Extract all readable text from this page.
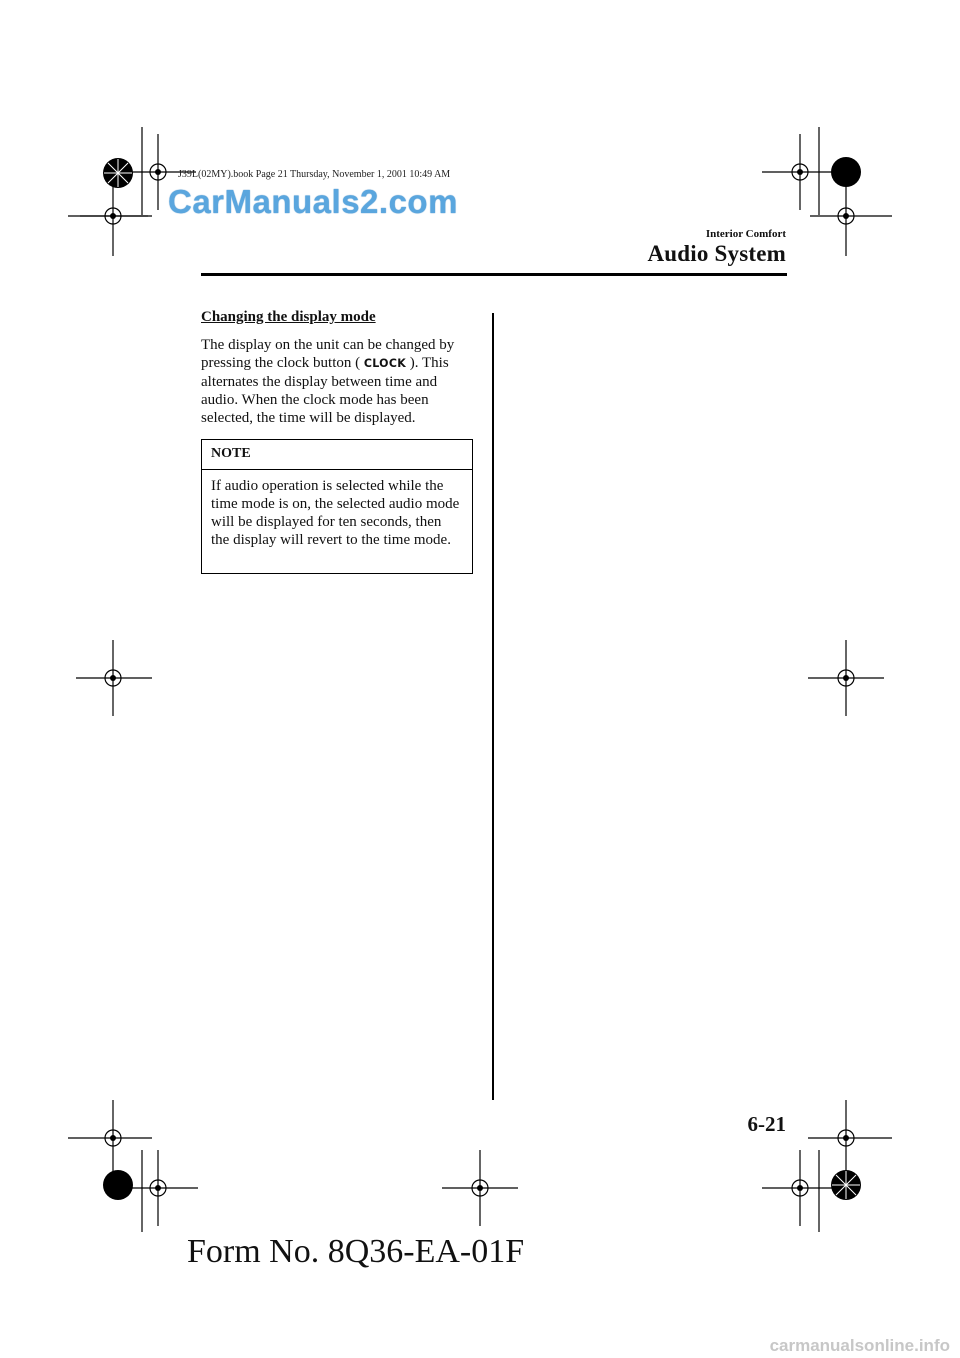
J39L(02MY).book Page 21 Thursday, November 1, 2001 10:49 AM
CarManuals2.com
Interior Comfort
Audio System
Changing the display mode
The display on the unit can be changed by pressing the clock button ( CLOCK ). This alternates the display between time and audio. When the clock mode has been selected, the time will be displayed.
NOTE
If audio operation is selected while the time mode is on, the selected audio mode will be displayed for ten seconds, then the display will revert to the time mode.
6-21
Form No. 8Q36-EA-01F
carmanualsonline.info
